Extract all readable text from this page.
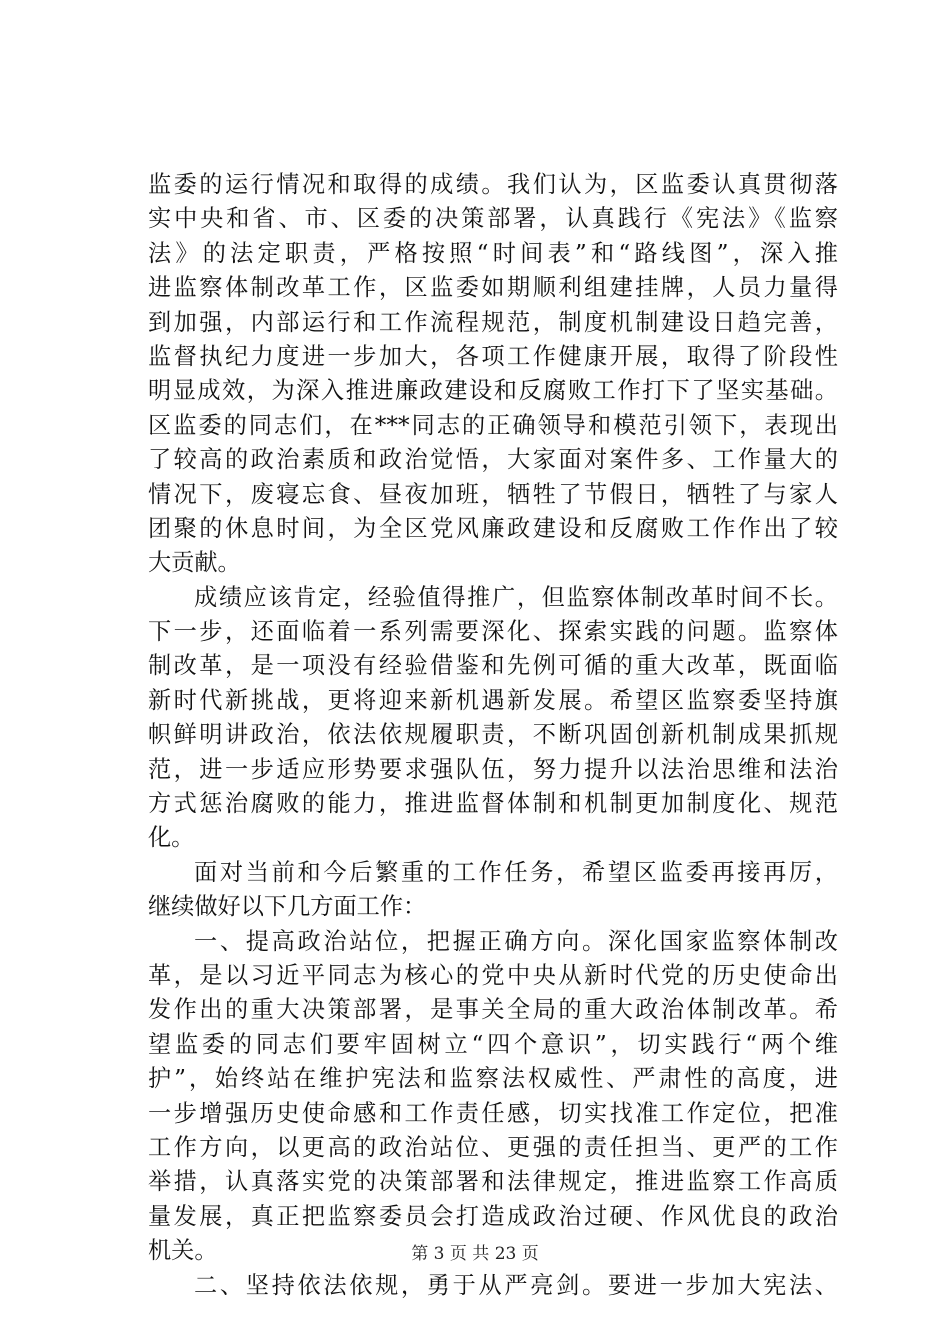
监委的运行情况和取得的成绩。我们认为，区监委认真贯彻落
实中央和省、市、区委的决策部署，认真践行《宪法》《监察
法》的法定职责，严格按照“时间表”和“路线图”，深入推
进监察体制改革工作，区监委如期顺利组建挂牌，人员力量得
到加强，内部运行和工作流程规范，制度机制建设日趋完善，
监督执纪力度进一步加大，各项工作健康开展，取得了阶段性
明显成效，为深入推进廉政建设和反腐败工作打下了坚实基础。
区监委的同志们，在***同志的正确领导和模范引领下，表现出
了较高的政治素质和政治觉悟，大家面对案件多、工作量大的
情况下，废寝忘食、昼夜加班，牺牲了节假日，牺牲了与家人
团聚的休息时间，为全区党风廉政建设和反腐败工作作出了较
大贡献。
成绩应该肯定，经验值得推广，但监察体制改革时间不长。
下一步，还面临着一系列需要深化、探索实践的问题。监察体
制改革，是一项没有经验借鉴和先例可循的重大改革，既面临
新时代新挑战，更将迎来新机遇新发展。希望区监察委坚持旗
帜鲜明讲政治，依法依规履职责，不断巩固创新机制成果抓规
范，进一步适应形势要求强队伍，努力提升以法治思维和法治
方式惩治腐败的能力，推进监督体制和机制更加制度化、规范
化。
面对当前和今后繁重的工作任务，希望区监委再接再厉，
继续做好以下几方面工作：
一、提高政治站位，把握正确方向。深化国家监察体制改
革，是以习近平同志为核心的党中央从新时代党的历史使命出
发作出的重大决策部署，是事关全局的重大政治体制改革。希
望监委的同志们要牢固树立“四个意识”，切实践行“两个维
护”，始终站在维护宪法和监察法权威性、严肃性的高度，进
一步增强历史使命感和工作责任感，切实找准工作定位，把准
工作方向，以更高的政治站位、更强的责任担当、更严的工作
举措，认真落实党的决策部署和法律规定，推进监察工作高质
量发展，真正把监察委员会打造成政治过硬、作风优良的政治
机关。
二、坚持依法依规，勇于从严亮剑。要进一步加大宪法、
第 3 页 共 23 页
